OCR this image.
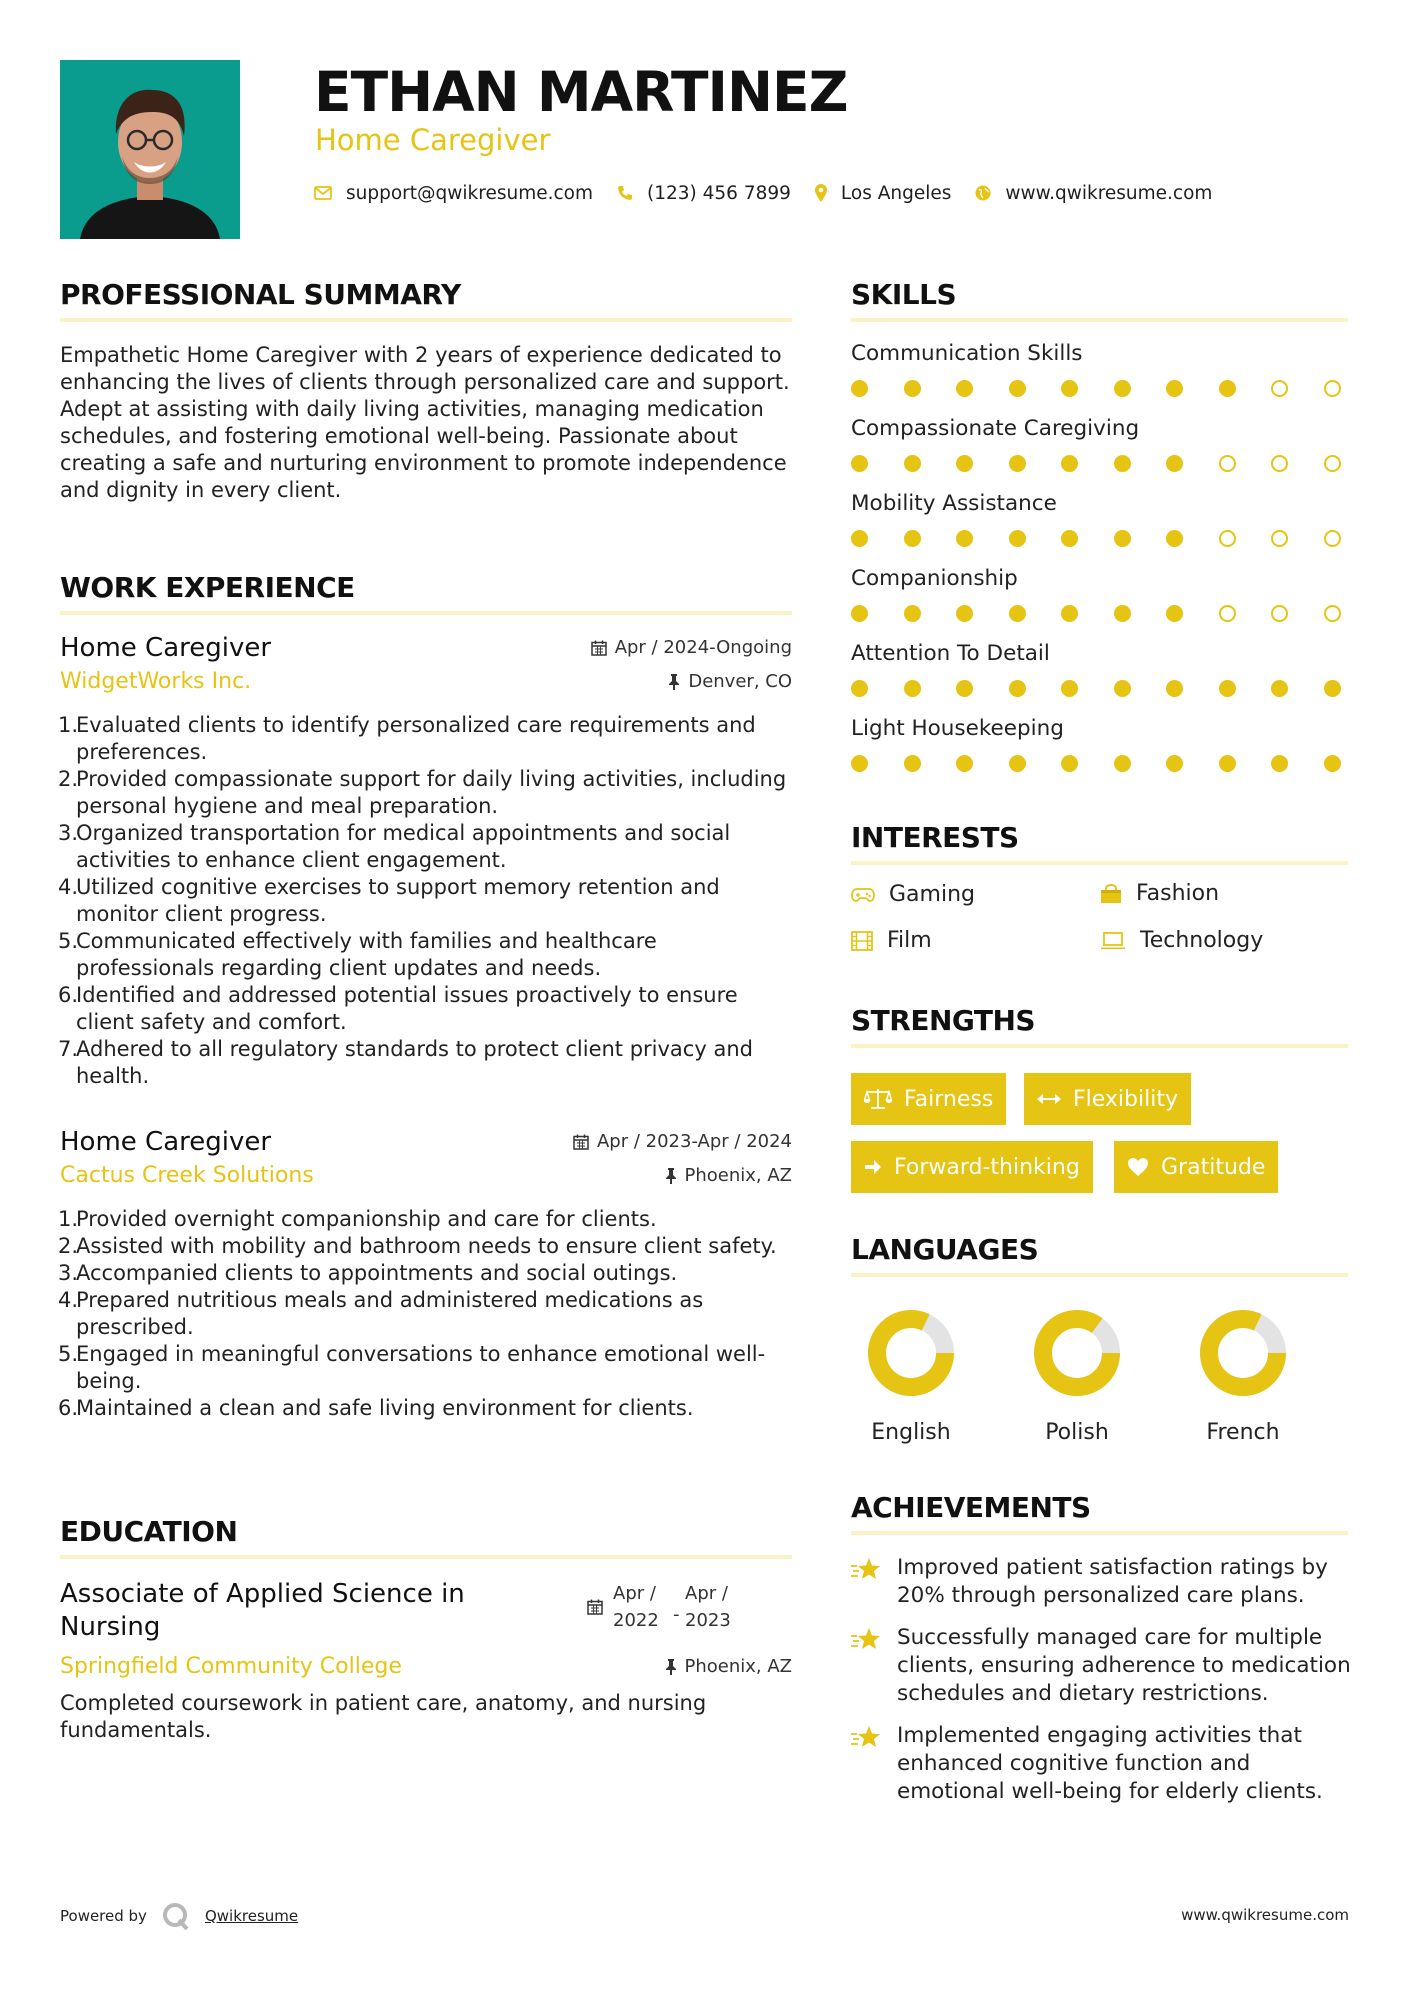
ETHAN MARTINEZ
Home Caregiver
support@qwikresume.com	(123) 456 7899	Los Angeles	www.qwikresume.com
PROFESSIONAL SUMMARY
Empathetic Home Caregiver with 2 years of experience dedicated to enhancing the lives of clients through personalized care and support. Adept at assisting with daily living activities, managing medication schedules, and fostering emotional well-being. Passionate about creating a safe and nurturing environment to promote independence and dignity in every client.
WORK EXPERIENCE
Home Caregiver	Apr / 2024-Ongoing
WidgetWorks Inc.	Denver, CO
1.
Evaluated clients to identify personalized care requirements and preferences.
2.
Provided compassionate support for daily living activities, including personal hygiene and meal preparation.
3.
Organized transportation for medical appointments and social activities to enhance client engagement.
4.
Utilized cognitive exercises to support memory retention and monitor client progress.
5.
Communicated effectively with families and healthcare professionals regarding client updates and needs.
6.
Identified and addressed potential issues proactively to ensure client safety and comfort.
7.
Adhered to all regulatory standards to protect client privacy and health.
Home Caregiver	Apr / 2023-Apr / 2024
Cactus Creek Solutions	Phoenix, AZ
1.
Provided overnight companionship and care for clients.
2.
Assisted with mobility and bathroom needs to ensure client safety.
3.
Accompanied clients to appointments and social outings.
4.
Prepared nutritious meals and administered medications as prescribed.
5.
Engaged in meaningful conversations to enhance emotional well-being.
6.
Maintained a clean and safe living environment for clients.
EDUCATION
Associate of Applied Science in Nursing
Apr /
2022 -
Apr /
2023
Springfield Community College	Phoenix, AZ
Completed coursework in patient care, anatomy, and nursing fundamentals.
SKILLS
Communication Skills
Compassionate Caregiving
Mobility Assistance
Companionship
Attention To Detail
Light Housekeeping
INTERESTS
Gaming	Fashion
Film	Technology
STRENGTHS
Fairness	Flexibility
Forward-thinking	Gratitude
LANGUAGES
English	Polish	French
ACHIEVEMENTS
Improved patient satisfaction ratings by 20% through personalized care plans.
Successfully managed care for multiple clients, ensuring adherence to medication schedules and dietary restrictions.
Implemented engaging activities that enhanced cognitive function and emotional well-being for elderly clients.
Powered by	Qwikresume	www.qwikresume.com
